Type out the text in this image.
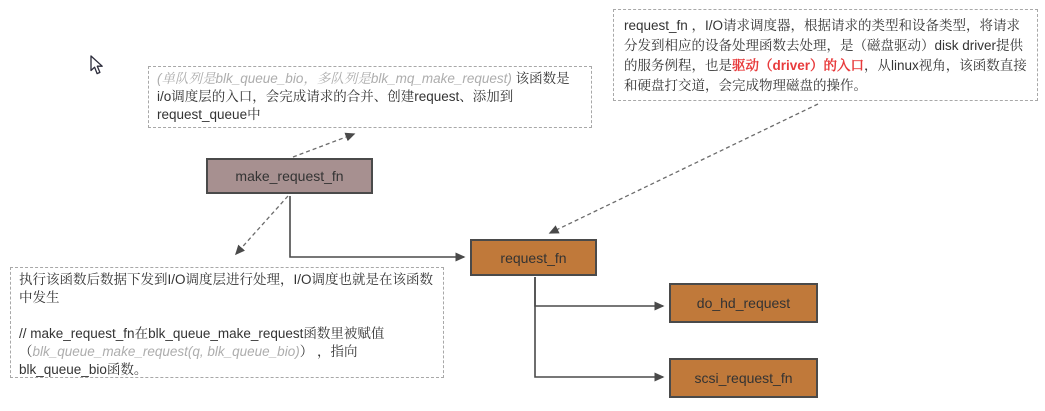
(单队列是blk_queue_bio，多队列是blk_mq_make_request) 该函数是i/o调度层的入口，会完成请求的合并、创建request、添加到request_queue中
request_fn ，I/O请求调度器，根据请求的类型和设备类型，将请求分发到相应的设备处理函数去处理，是（磁盘驱动）disk driver提供的服务例程，也是驱动（driver）的入口，从linux视角，该函数直接和硬盘打交道，会完成物理磁盘的操作。
执行该函数后数据下发到I/O调度层进行处理，I/O调度也就是在该函数中发生
// make_request_fn在blk_queue_make_request函数里被赋值（blk_queue_make_request(q, blk_queue_bio)） ，指向blk_queue_bio函数。
make_request_fn
request_fn
do_hd_request
scsi_request_fn
